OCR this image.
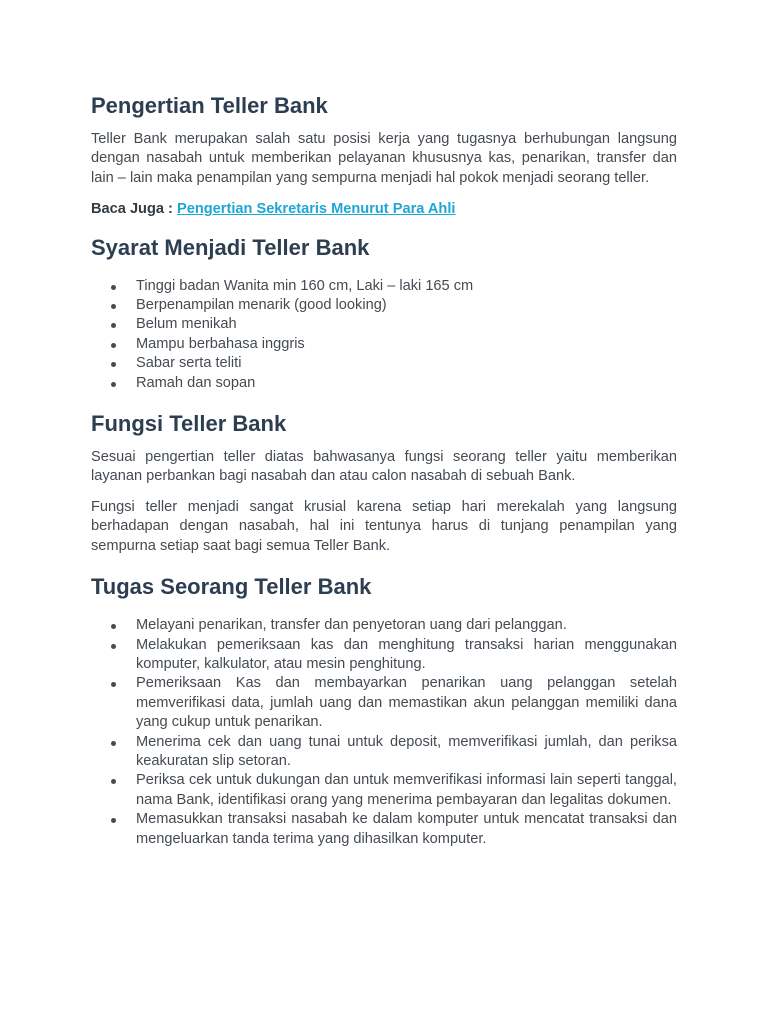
Pengertian Teller Bank

Teller Bank merupakan salah satu posisi kerja yang tugasnya berhubungan langsung dengan nasabah untuk memberikan pelayanan khususnya kas, penarikan, transfer dan lain – lain maka penampilan yang sempurna menjadi hal pokok menjadi seorang teller.

Baca Juga : Pengertian Sekretaris Menurut Para Ahli
Syarat Menjadi Teller Bank
Tinggi badan Wanita min 160 cm, Laki – laki 165 cm
Berpenampilan menarik (good looking)
Belum menikah
Mampu berbahasa inggris
Sabar serta teliti
Ramah dan sopan
Fungsi Teller Bank

Sesuai pengertian teller diatas bahwasanya fungsi seorang teller yaitu memberikan layanan perbankan bagi nasabah dan atau calon nasabah di sebuah Bank.

Fungsi teller menjadi sangat krusial karena setiap hari merekalah yang langsung berhadapan dengan nasabah, hal ini tentunya harus di tunjang penampilan yang sempurna setiap saat bagi semua Teller Bank.

Tugas Seorang Teller Bank
Melayani penarikan, transfer dan penyetoran uang dari pelanggan.
Melakukan pemeriksaan kas dan menghitung transaksi harian menggunakan komputer, kalkulator, atau mesin penghitung.
Pemeriksaan Kas dan membayarkan penarikan uang pelanggan setelah memverifikasi data, jumlah uang dan memastikan akun pelanggan memiliki dana yang cukup untuk penarikan.
Menerima cek dan uang tunai untuk deposit, memverifikasi jumlah, dan periksa keakuratan slip setoran.
Periksa cek untuk dukungan dan untuk memverifikasi informasi lain seperti tanggal, nama Bank, identifikasi orang yang menerima pembayaran dan legalitas dokumen.
Memasukkan transaksi nasabah ke dalam komputer untuk mencatat transaksi dan mengeluarkan tanda terima yang dihasilkan komputer.
